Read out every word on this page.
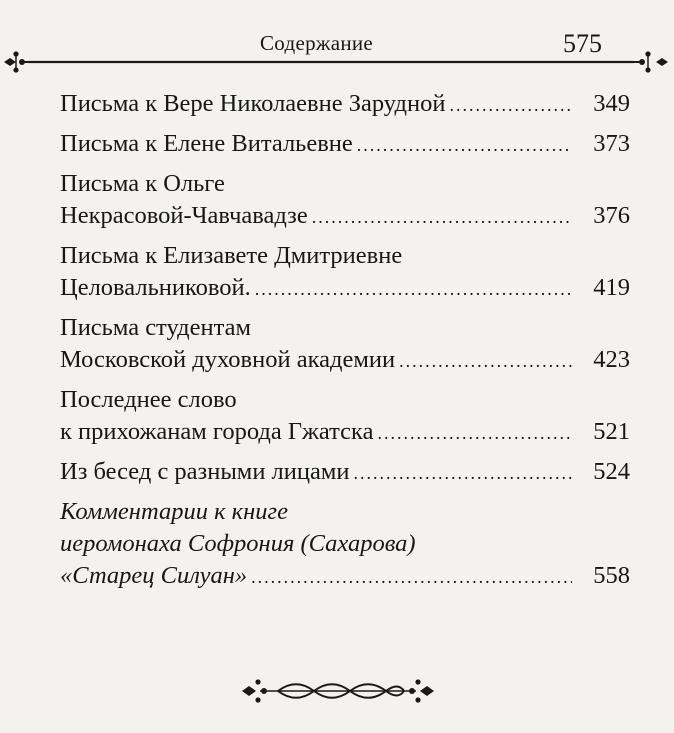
Содержание	575
Письма к Вере Николаевне Зарудной .....	349
Письма к Елене Витальевне .....	373
Письма к Ольге
Некрасовой-Чавчавадзе .....	376
Письма к Елизавете Дмитриевне
Целовальниковой. .....	419
Письма студентам
Московской духовной академии .....	423
Последнее слово
к прихожанам города Гжатска .....	521
Из бесед с разными лицами .....	524
Комментарии к книге
иеромонаха Софрония (Сахарова)
«Старец Силуан» .....	558
